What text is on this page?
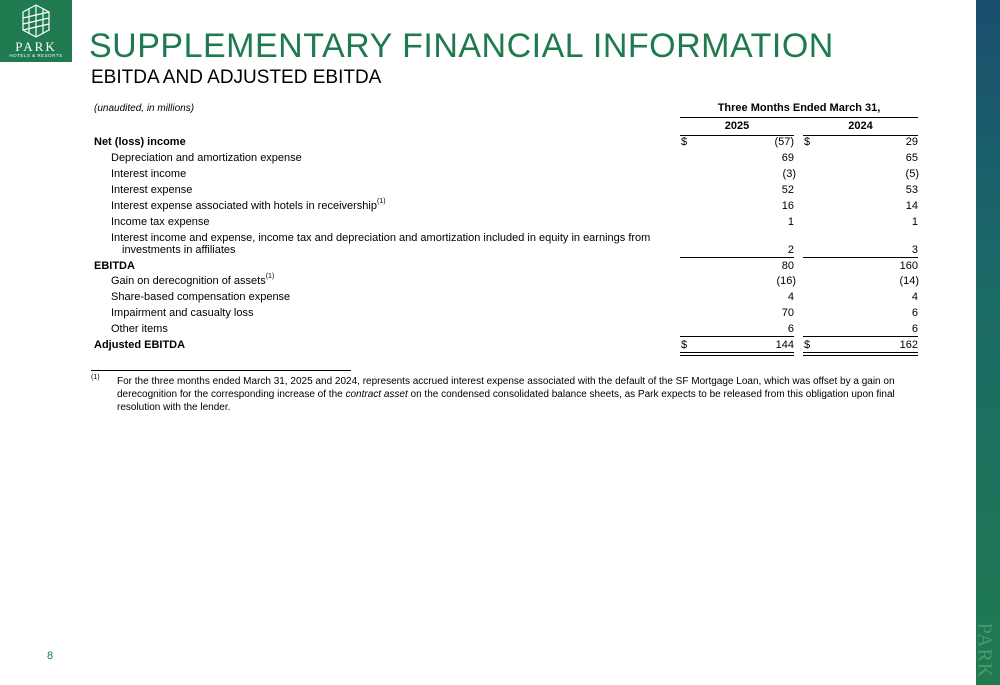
PARK
HOTELS & RESORTS SUPPLEMENTARY FINANCIAL INFORMATION
EBITDA AND ADJUSTED EBITDA
(unaudited, in millions)	Three Months Ended March 31,
2025	2024
Net (loss) income	$	(57) $	29
Depreciation and amortization expense	69	65
Interest income	(3)	(5)
Interest expense	52	53
Interest expense associated with hotels in receivership$^{(1)}$	16	14
Income tax expense	1	1
Interest income and expense, income tax and depreciation and amortization included in equity in earnings from
investments in affiliates	2	3
EBITDA	80	160
Gain on derecognition of assets$^{(1)}$	(16)	(14)
Share-based compensation expense	4	4
Impairment and casualty loss	70	6
Other items	6	6
Adjusted EBITDA	$	144 $	162
(1) For the three months ended March 31, 2025 and 2024, represents accrued interest expense associated with the default of the SF Mortgage Loan, which was offset by a gain on derecognition for the corresponding increase of the contract asset on the condensed consolidated balance sheets, as Park expects to be released from this obligation upon final resolution with the lender.
8	PARK
